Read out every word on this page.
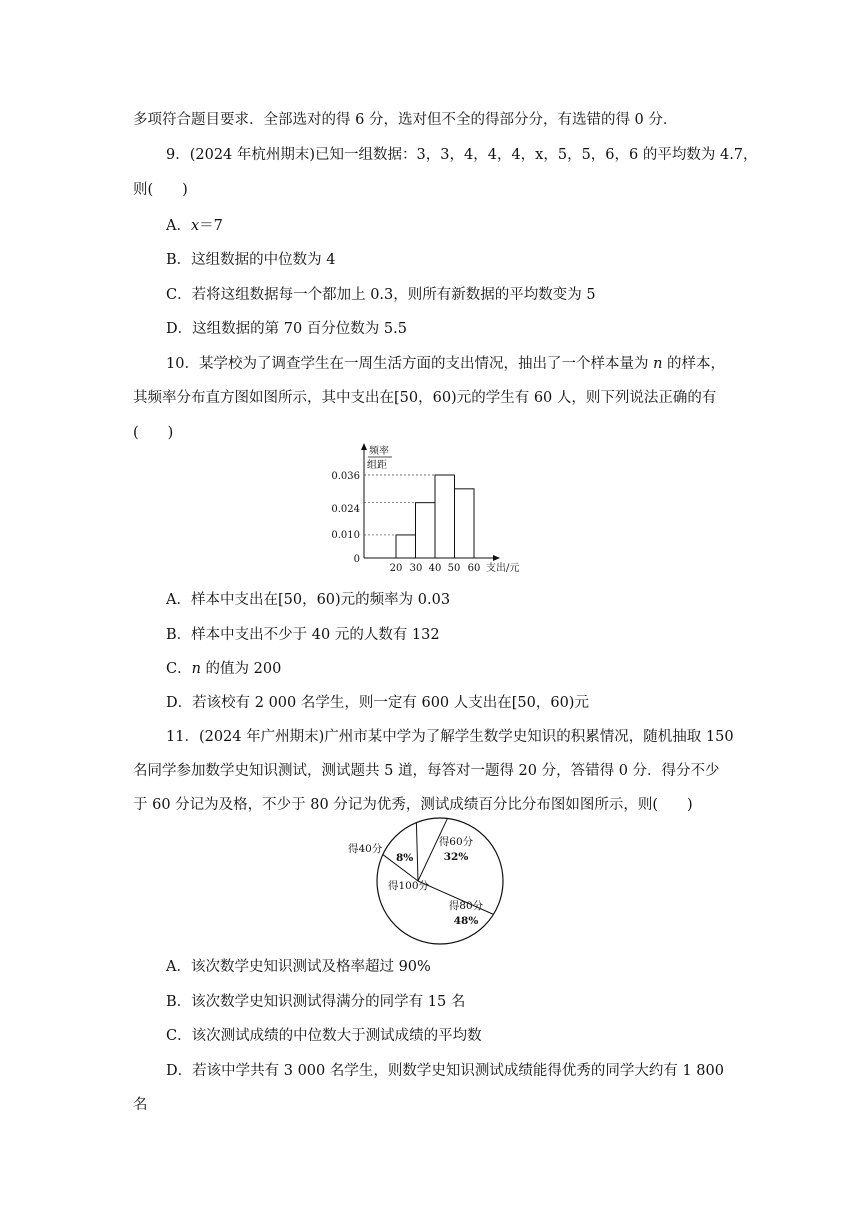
多项符合题目要求．全部选对的得 6 分，选对但不全的得部分分，有选错的得 0 分．
9．(2024 年杭州期末)已知一组数据：3，3，4，4，4，x，5，5，6，6 的平均数为 4.7，
则(　　)
A．x＝7
B．这组数据的中位数为 4
C．若将这组数据每一个都加上 0.3，则所有新数据的平均数变为 5
D．这组数据的第 70 百分位数为 5.5
10．某学校为了调查学生在一周生活方面的支出情况，抽出了一个样本量为 n 的样本，
其频率分布直方图如图所示，其中支出在[50，60)元的学生有 60 人，则下列说法正确的有
(　　)
频率
组距
0.036
0.024
0.010
0
20 30 40 50 60 支出/元
A．样本中支出在[50，60)元的频率为 0.03
B．样本中支出不少于 40 元的人数有 132
C．n 的值为 200
D．若该校有 2 000 名学生，则一定有 600 人支出在[50，60)元
11．(2024 年广州期末)广州市某中学为了解学生数学史知识的积累情况，随机抽取 150
名同学参加数学史知识测试，测试题共 5 道，每答对一题得 20 分，答错得 0 分．得分不少
于 60 分记为及格，不少于 80 分记为优秀，测试成绩百分比分布图如图所示，则(　　)
得40分
8%
得60分
32%
得100分
得80分
48%
A．该次数学史知识测试及格率超过 90%
B．该次数学史知识测试得满分的同学有 15 名
C．该次测试成绩的中位数大于测试成绩的平均数
D．若该中学共有 3 000 名学生，则数学史知识测试成绩能得优秀的同学大约有 1 800
名
